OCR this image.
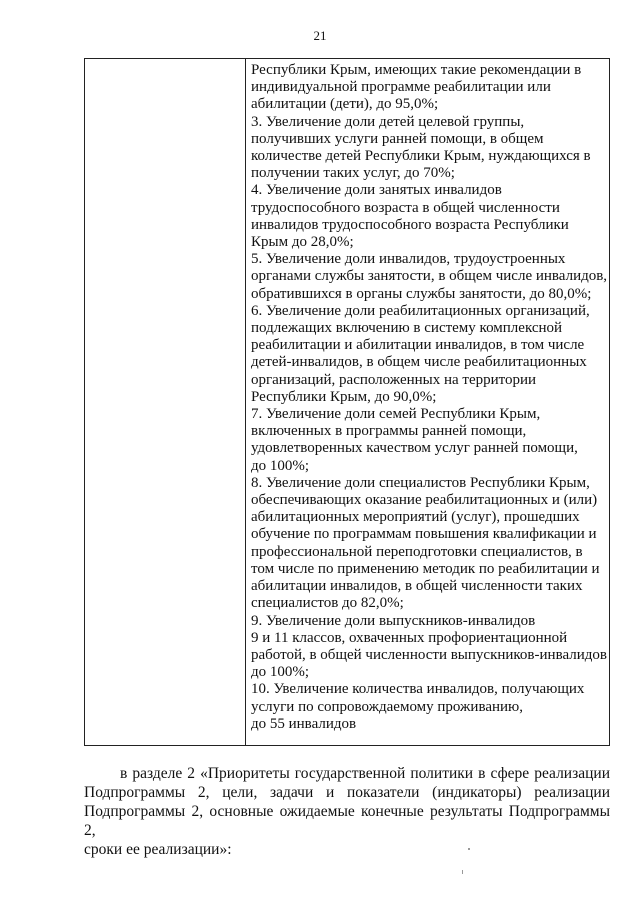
21
Республики Крым, имеющих такие рекомендации в
индивидуальной программе реабилитации или
абилитации (дети), до 95,0%;
3. Увеличение доли детей целевой группы,
получивших услуги ранней помощи, в общем
количестве детей Республики Крым, нуждающихся в
получении таких услуг, до 70%;
4. Увеличение доли занятых инвалидов
трудоспособного возраста в общей численности
инвалидов трудоспособного возраста Республики
Крым до 28,0%;
5. Увеличение доли инвалидов, трудоустроенных
органами службы занятости, в общем числе инвалидов,
обратившихся в органы службы занятости, до 80,0%;
6. Увеличение доли реабилитационных организаций,
подлежащих включению в систему комплексной
реабилитации и абилитации инвалидов, в том числе
детей-инвалидов, в общем числе реабилитационных
организаций, расположенных на территории
Республики Крым, до 90,0%;
7. Увеличение доли семей Республики Крым,
включенных в программы ранней помощи,
удовлетворенных качеством услуг ранней помощи,
до 100%;
8. Увеличение доли специалистов Республики Крым,
обеспечивающих оказание реабилитационных и (или)
абилитационных мероприятий (услуг), прошедших
обучение по программам повышения квалификации и
профессиональной переподготовки специалистов, в
том числе по применению методик по реабилитации и
абилитации инвалидов, в общей численности таких
специалистов до 82,0%;
9. Увеличение доли выпускников-инвалидов
9 и 11 классов, охваченных профориентационной
работой, в общей численности выпускников-инвалидов
до 100%;
10. Увеличение количества инвалидов, получающих
услуги по сопровождаемому проживанию,
до 55 инвалидов
в разделе 2 «Приоритеты государственной политики в сфере реализации
Подпрограммы 2, цели, задачи и показатели (индикаторы) реализации
Подпрограммы 2, основные ожидаемые конечные результаты Подпрограммы 2,
сроки ее реализации»:
